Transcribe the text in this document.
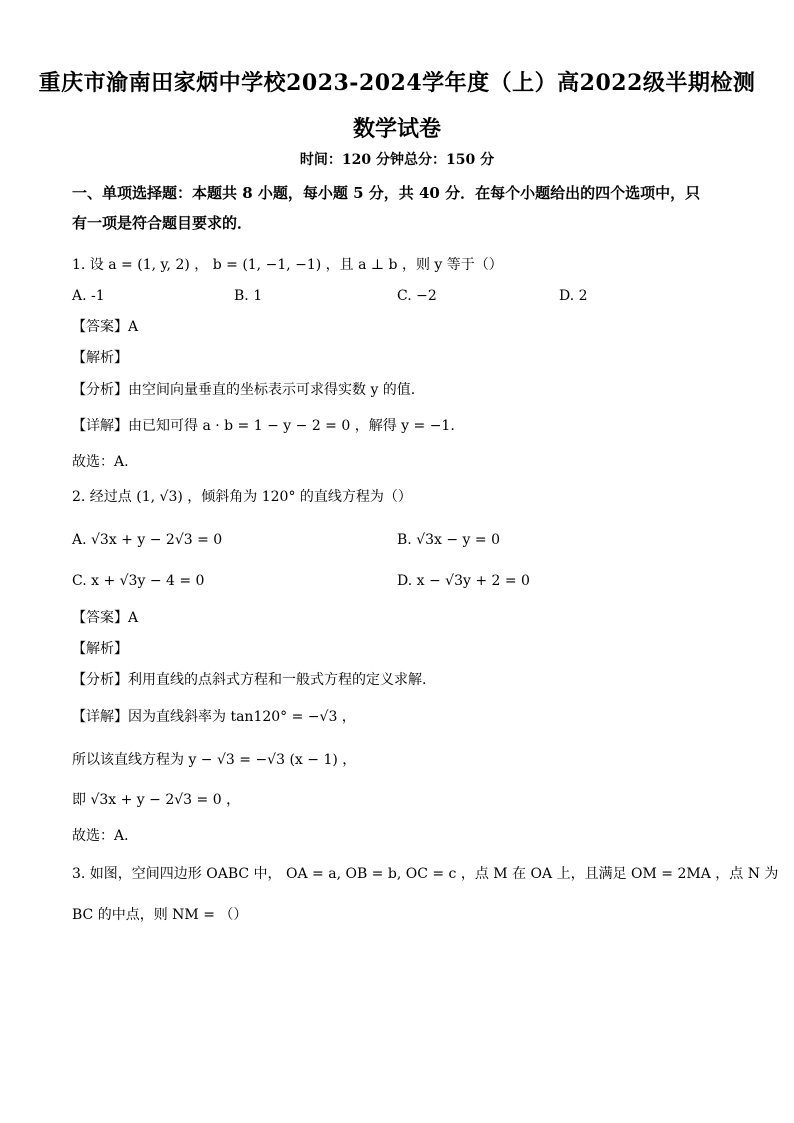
重庆市渝南田家炳中学校2023-2024学年度（上）高2022级半期检测
数学试卷
时间：120 分钟总分：150 分
一、单项选择题：本题共 8 小题，每小题 5 分，共 40 分．在每个小题给出的四个选项中，只
有一项是符合题目要求的．
1. 设 a = (1, y, 2) ， b = (1, −1, −1) ，且 a ⊥ b ，则 y 等于（）
A. -1	B. 1	C. −2	D. 2
【答案】A
【解析】
【分析】由空间向量垂直的坐标表示可求得实数 y 的值.
【详解】由已知可得 a · b = 1 − y − 2 = 0 ，解得 y = −1.
故选：A.
2. 经过点 (1, √3) ，倾斜角为 120° 的直线方程为（）
A. √3x + y − 2√3 = 0	B. √3x − y = 0
C. x + √3y − 4 = 0	D. x − √3y + 2 = 0
【答案】A
【解析】
【分析】利用直线的点斜式方程和一般式方程的定义求解.
【详解】因为直线斜率为 tan120° = −√3 ，
所以该直线方程为 y − √3 = −√3 (x − 1) ，
即 √3x + y − 2√3 = 0 ，
故选：A．
3. 如图，空间四边形 OABC 中， OA = a, OB = b, OC = c ，点 M 在 OA 上，且满足 OM = 2MA ，点 N 为
BC 的中点，则 NM = （）
